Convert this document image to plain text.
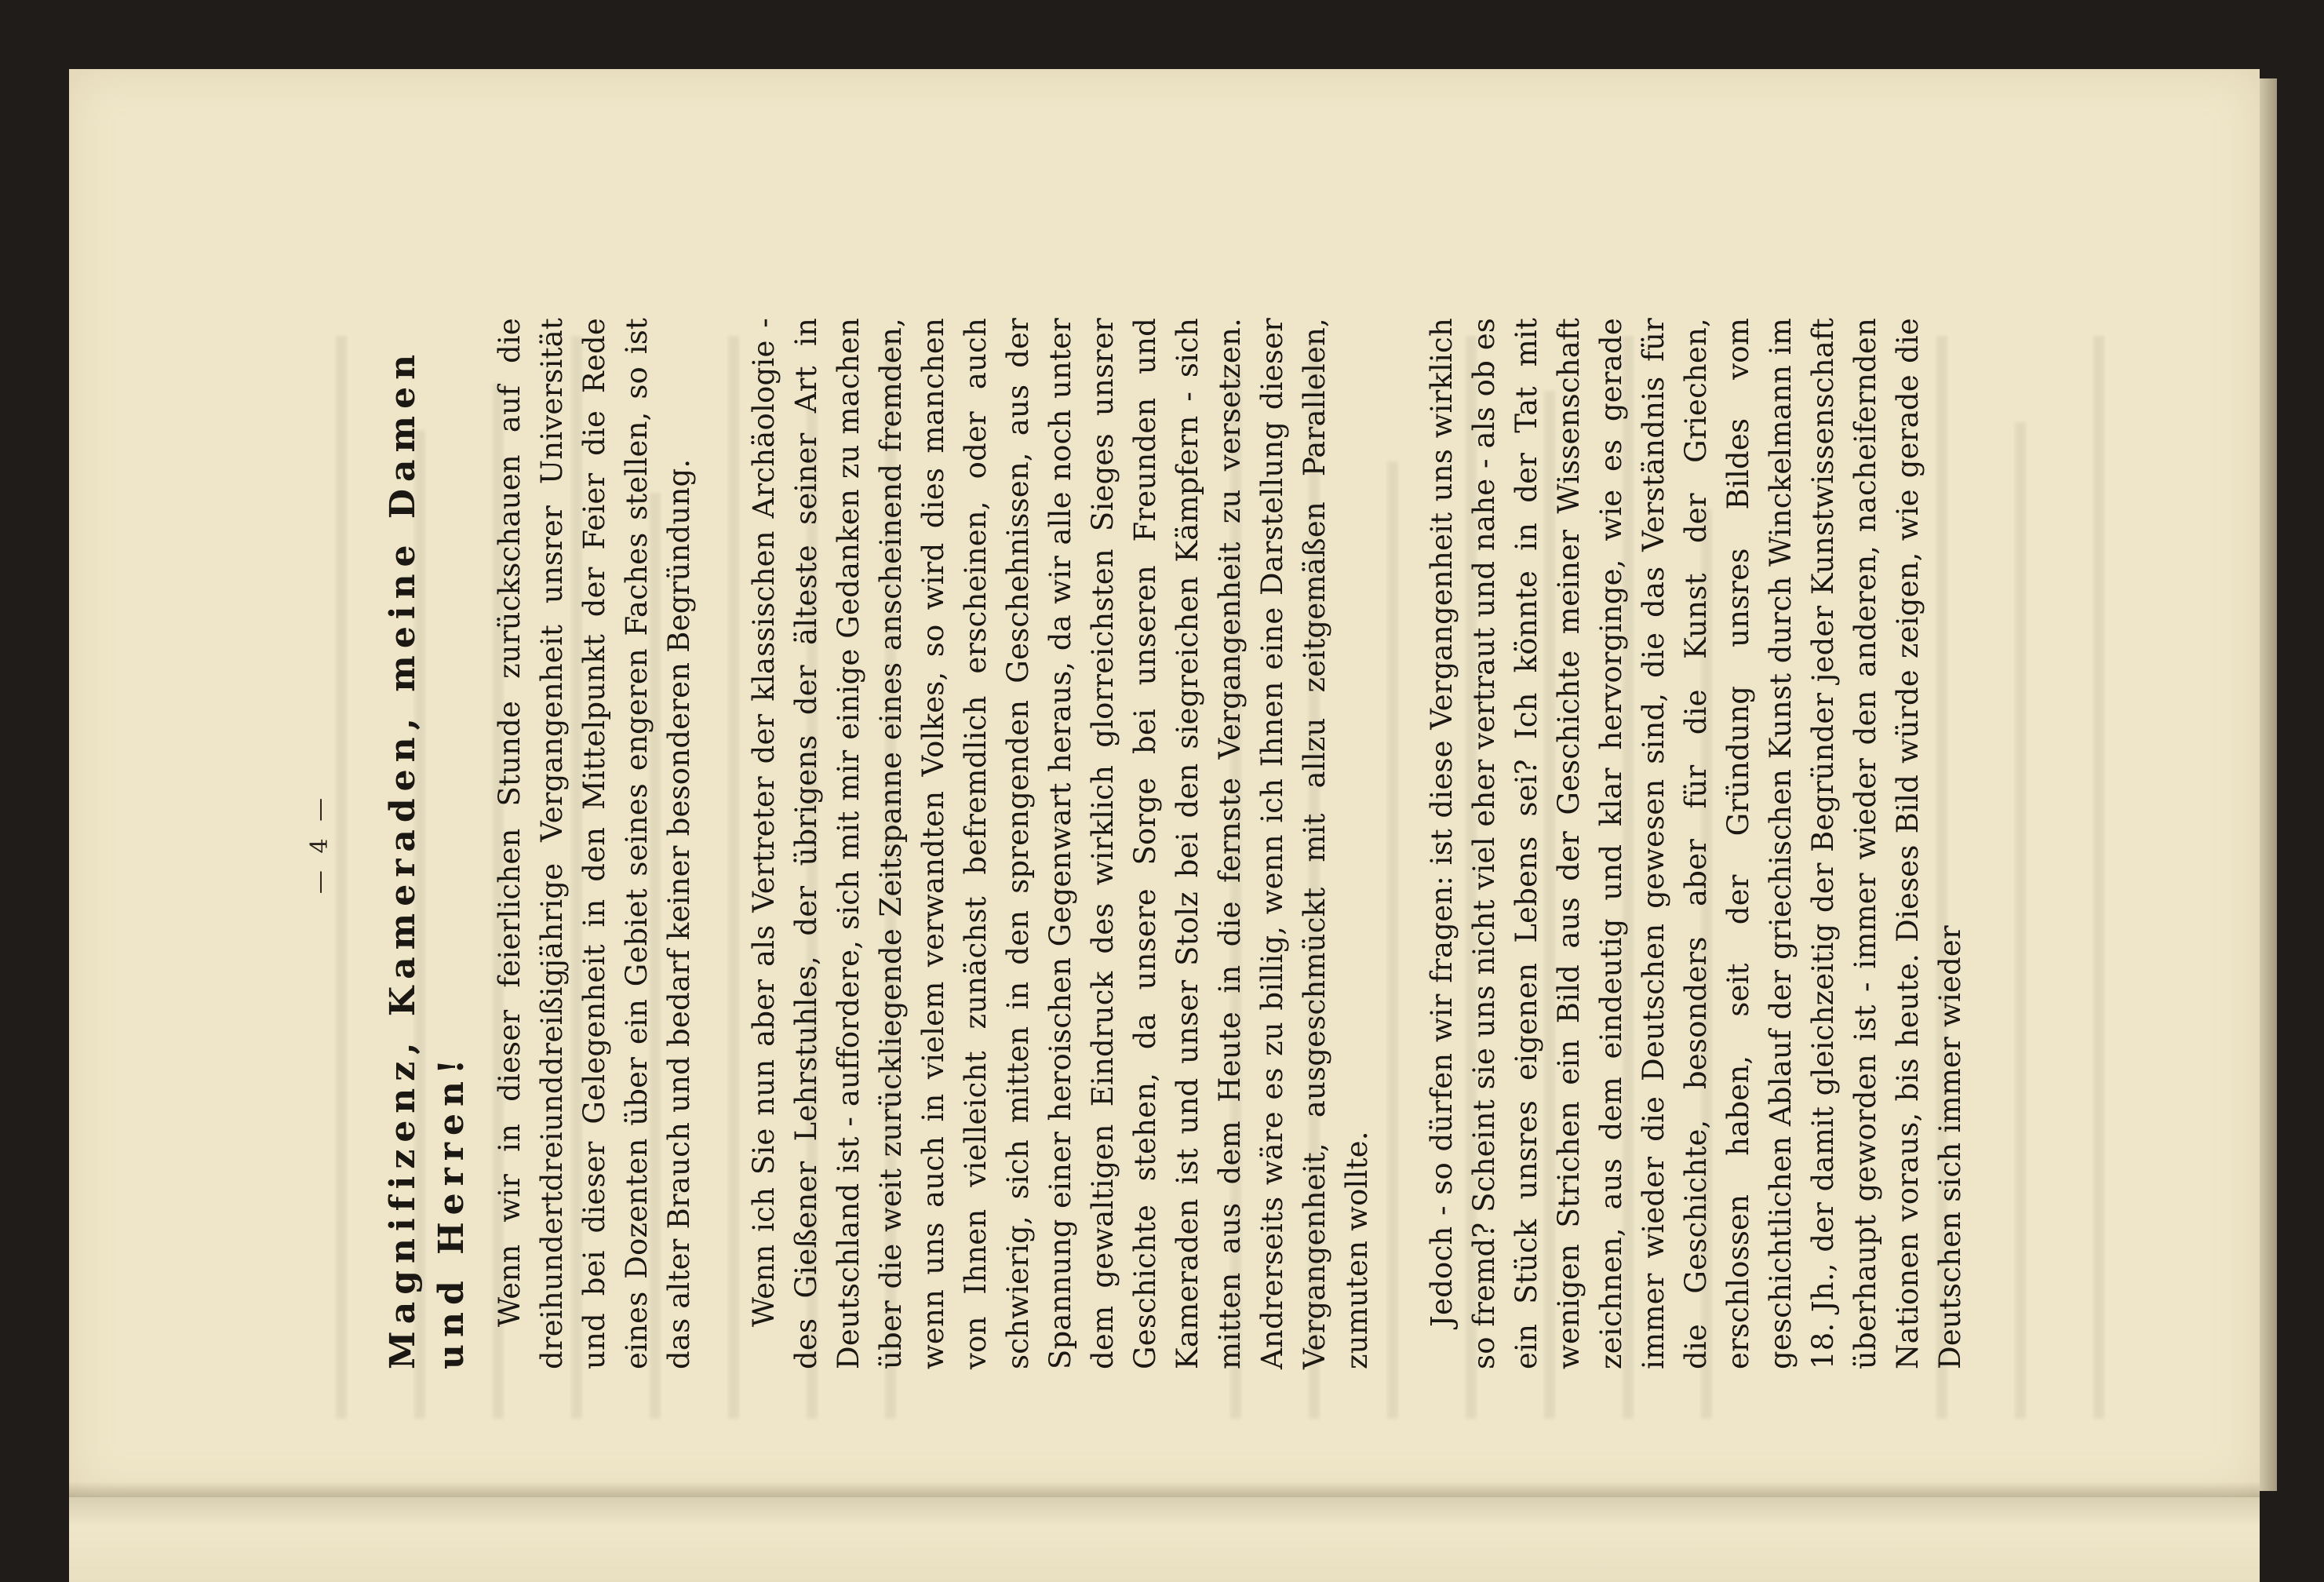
— 4 — Magnifizenz, Kameraden, meine Damen und Herren! Wenn wir in dieser feierlichen Stunde zurückschauen auf die dreihundertdreiunddreißigjährige Vergangenheit unsrer Universität und bei dieser Gelegenheit in den Mittelpunkt der Feier die Rede eines Dozenten über ein Gebiet seines engeren Faches stellen, so ist das alter Brauch und bedarf keiner besonderen Begründung. Wenn ich Sie nun aber als Vertreter der klassischen Archäologie - des Gießener Lehrstuhles, der übrigens der älteste seiner Art in Deutschland ist - auffordere, sich mit mir einige Gedanken zu machen über die weit zurückliegende Zeitspanne eines anscheinend fremden, wenn uns auch in vielem verwandten Volkes, so wird dies manchen von Ihnen vielleicht zunächst befremdlich erscheinen, oder auch schwierig, sich mitten in den sprengenden Geschehnissen, aus der Spannung einer heroischen Gegenwart heraus, da wir alle noch unter dem gewaltigen Eindruck des wirklich glorreichsten Sieges unsrer Geschichte stehen, da unsere Sorge bei unseren Freunden und Kameraden ist und unser Stolz bei den siegreichen Kämpfern - sich mitten aus dem Heute in die fernste Vergangenheit zu versetzen. Andrerseits wäre es zu billig, wenn ich Ihnen eine Darstellung dieser Vergangenheit, ausgeschmückt mit allzu zeitgemäßen Parallelen, zumuten wollte. Jedoch - so dürfen wir fragen: ist diese Vergangenheit uns wirklich so fremd? Scheint sie uns nicht viel eher vertraut und nahe - als ob es ein Stück unsres eigenen Lebens sei? Ich könnte in der Tat mit wenigen Strichen ein Bild aus der Geschichte meiner Wissenschaft zeichnen, aus dem eindeutig und klar hervorginge, wie es gerade immer wieder die Deutschen gewesen sind, die das Verständnis für die Geschichte, besonders aber für die Kunst der Griechen, erschlossen haben, seit der Gründung unsres Bildes vom geschichtlichen Ablauf der griechischen Kunst durch Winckelmann im 18. Jh., der damit gleichzeitig der Begründer jeder Kunstwissenschaft überhaupt geworden ist - immer wieder den anderen, nacheifernden Nationen voraus, bis heute. Dieses Bild würde zeigen, wie gerade die Deutschen sich immer wieder
